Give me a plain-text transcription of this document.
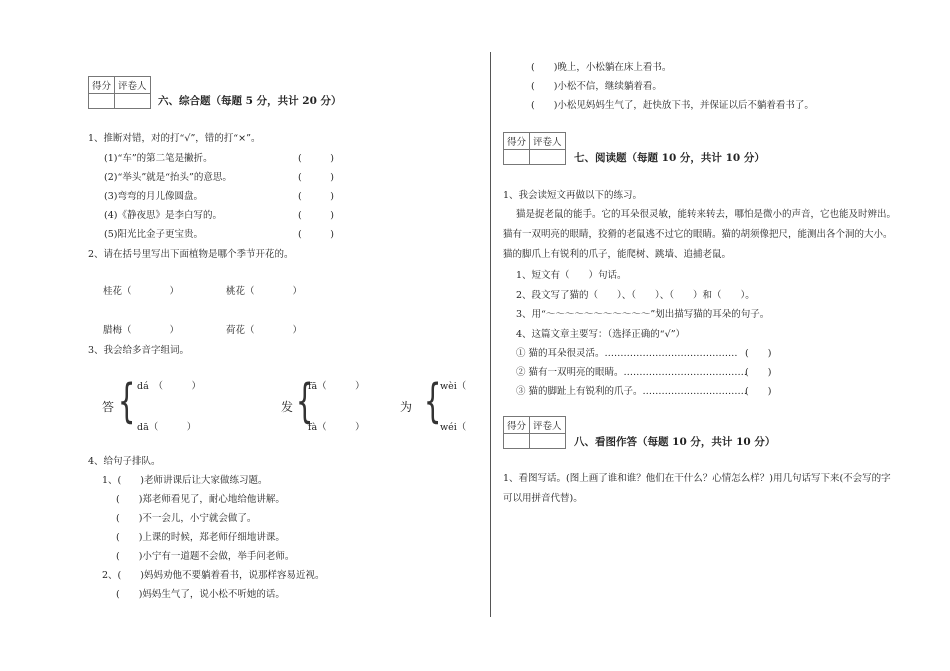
得分	评卷人

六、综合题（每题 5 分，共计 20 分）
1、推断对错，对的打“√”，错的打“×”。
(1)“车”的第二笔是撇折。	(　　　)
(2)“举头”就是“抬头”的意思。	(　　　)
(3)弯弯的月儿像圆盘。	(　　　)
(4)《静夜思》是李白写的。	(　　　)
(5)阳光比金子更宝贵。	(　　　)
2、请在括号里写出下面植物是哪个季节开花的。
桂花（　　　　）	桃花（　　　　）
腊梅（　　　　）	荷花（　　　　）
3、我会给多音字组词。
答 { dá　（　　　）
dā（　　　）
发 {
fā（　　　）
fà（　　　）
为 {
wèi（
wéi（
4、给句子排队。
1、(　　)老师讲课后让大家做练习题。
(　　)郑老师看见了，耐心地给他讲解。
(　　)不一会儿，小宁就会做了。
(　　)上课的时候，郑老师仔细地讲课。
(　　)小宁有一道题不会做，举手问老师。
2、(　　)妈妈劝他不要躺着看书，说那样容易近视。
(　　)妈妈生气了，说小松不听她的话。
(　　)晚上，小松躺在床上看书。
(　　)小松不信，继续躺着看。
(　　)小松见妈妈生气了，赶快放下书，并保证以后不躺着看书了。
得分	评卷人

七、阅读题（每题 10 分，共计 10 分）
1、我会读短文再做以下的练习。
猫是捉老鼠的能手。它的耳朵很灵敏，能转来转去，哪怕是微小的声音，它也能及时辨出。
猫有一双明亮的眼睛，狡猾的老鼠逃不过它的眼睛。猫的胡须像把尺，能测出各个洞的大小。
猫的脚爪上有锐利的爪子，能爬树、跳墙、追捕老鼠。
1、短文有（　　）句话。
2、段文写了猫的（　　）、（　　）、（　　）和（　　）。
3、用“～～～～～～～～～～～”划出描写猫的耳朵的句子。
4、这篇文章主要写：（选择正确的“√”）
① 猫的耳朵很灵活。…………………………………… (　　)
② 猫有一双明亮的眼睛。…………………………………
(　　)
③ 猫的脚趾上有锐利的爪子。……………………………
(　　)
得分	评卷人

八、看图作答（每题 10 分，共计 10 分）
1、看图写话。(图上画了谁和谁？他们在干什么？心情怎么样？)用几句话写下来(不会写的字
可以用拼音代替)。
